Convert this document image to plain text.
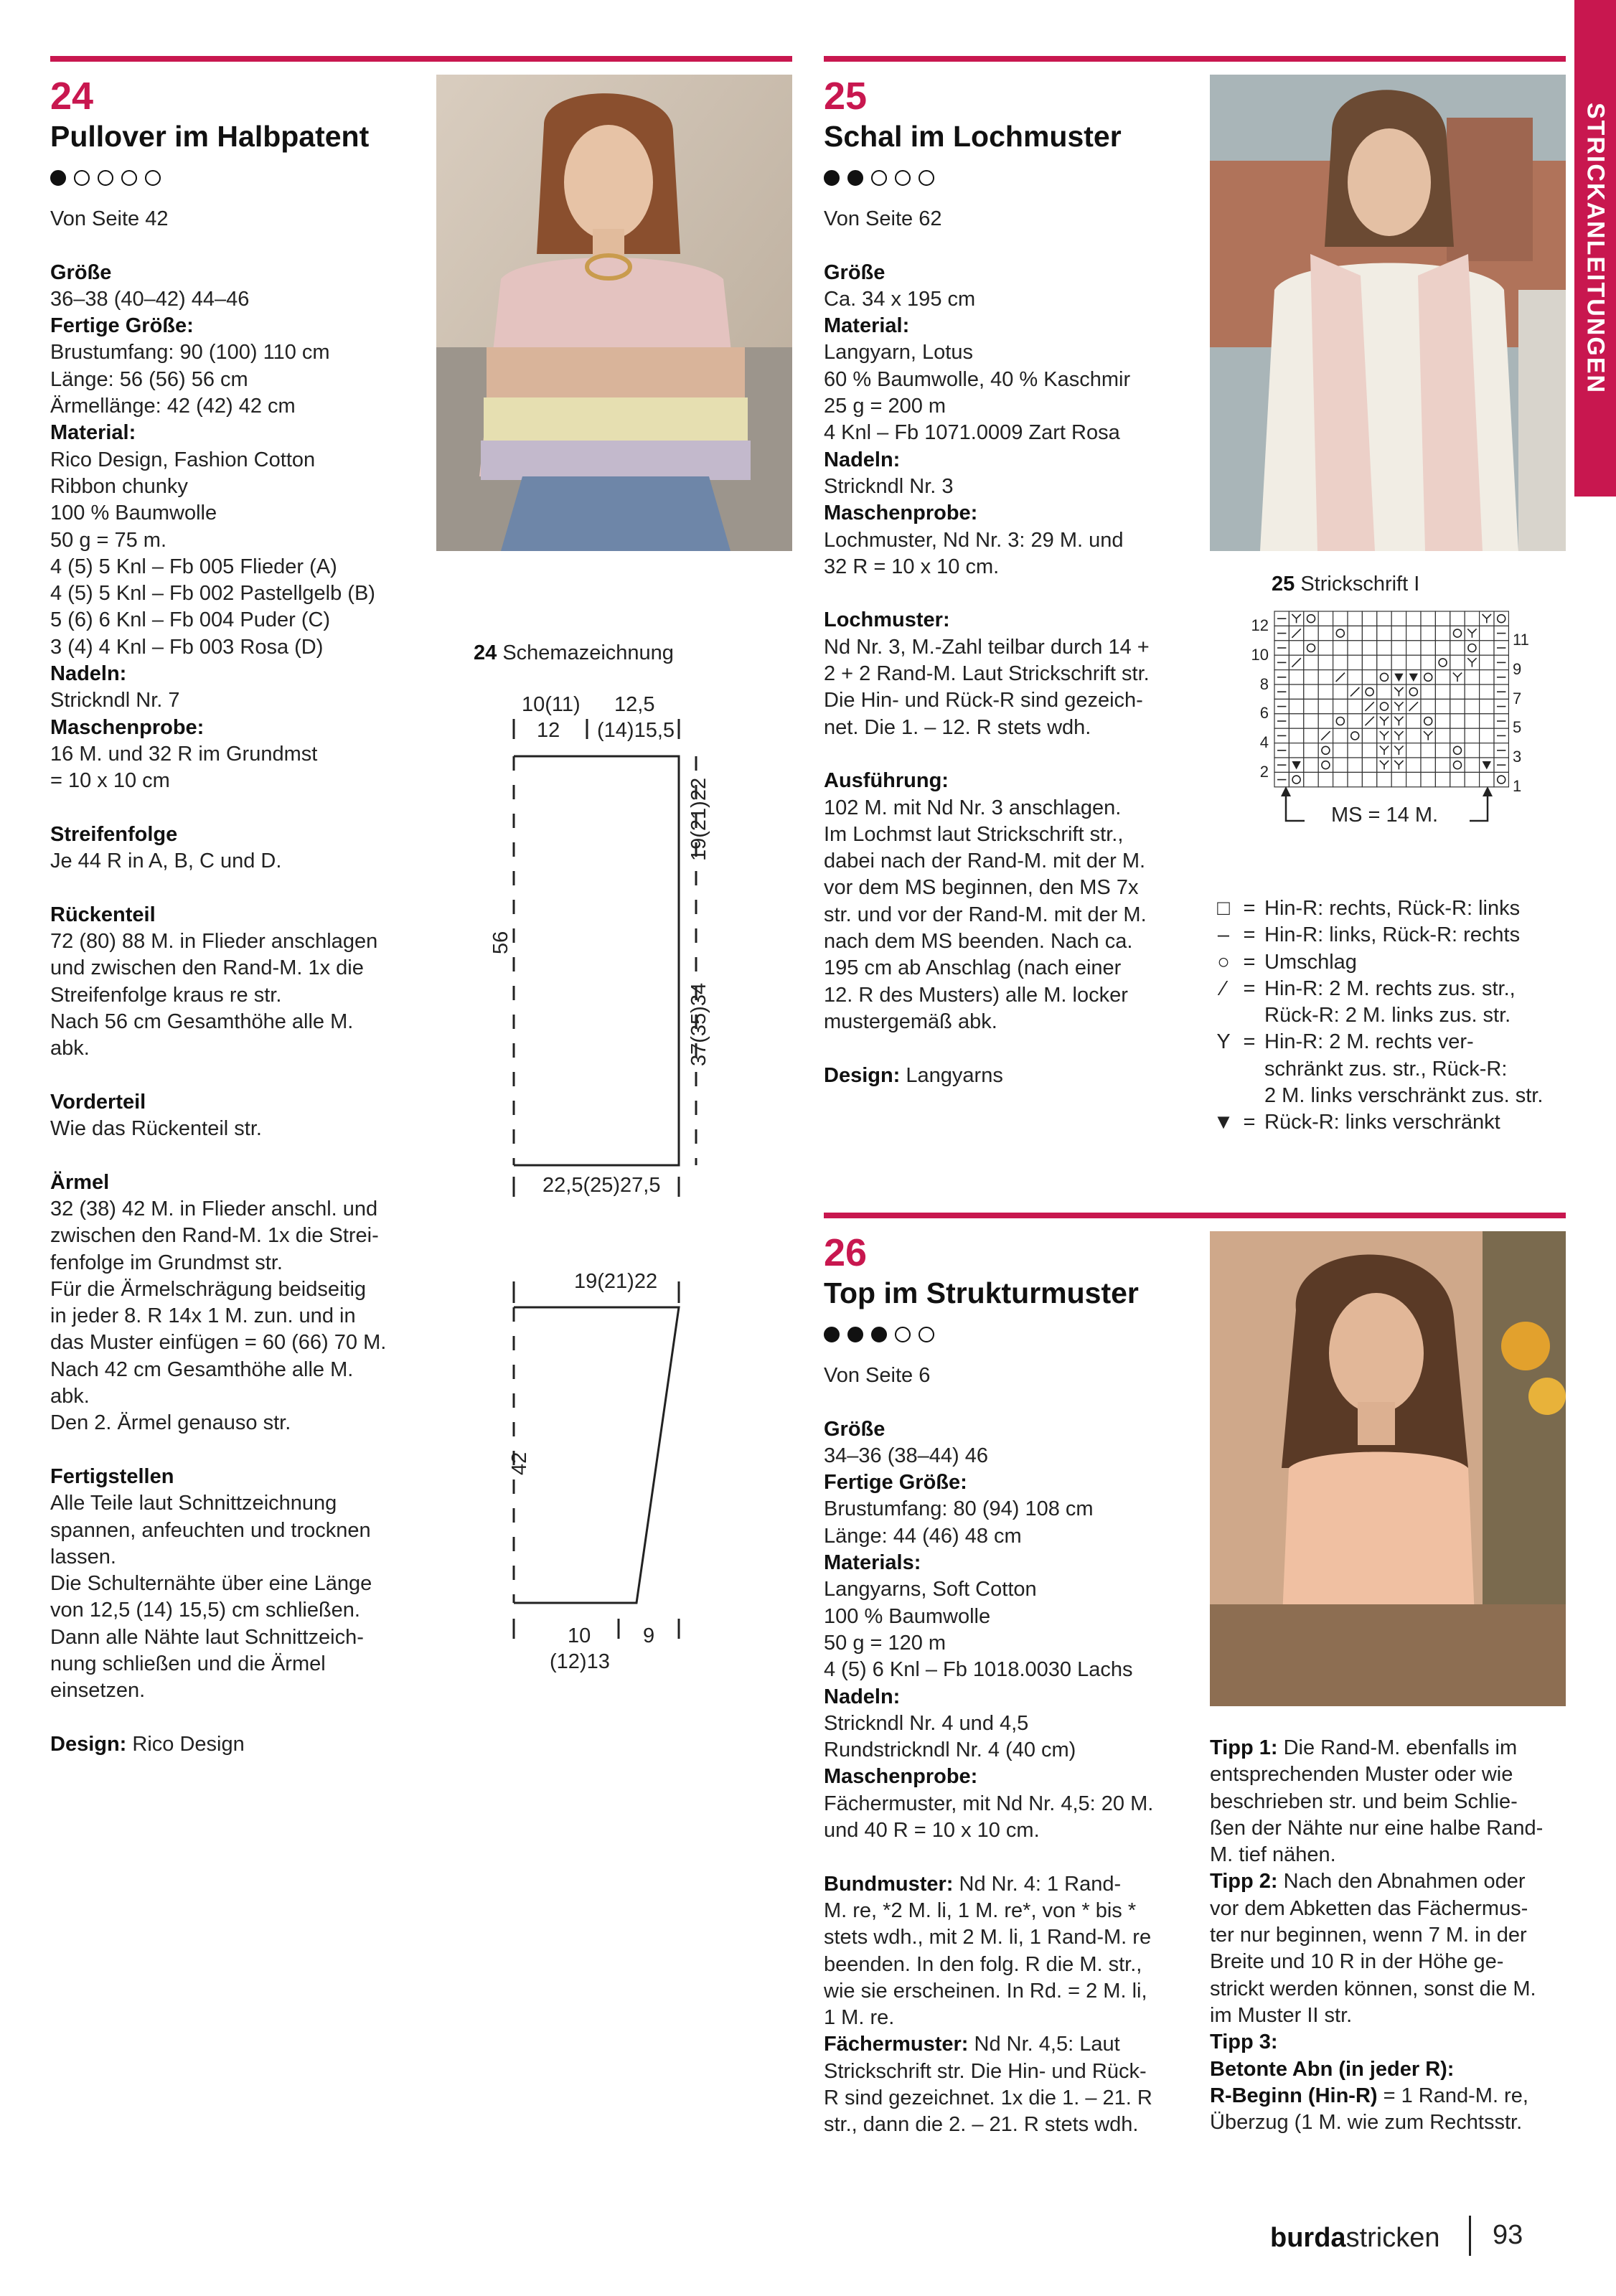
STRICKANLEITUNGEN
24
Pullover im Halbpatent

Von Seite 42

Größe

36–38 (40–42) 44–46

Fertige Größe:

Brustumfang: 90 (100) 110 cm

Länge: 56 (56) 56 cm

Ärmellänge: 42 (42) 42 cm

Material:

Rico Design, Fashion Cotton

Ribbon chunky

100 % Baumwolle

50 g = 75 m.

4 (5) 5 Knl – Fb 005 Flieder (A)

4 (5) 5 Knl – Fb 002 Pastellgelb (B)

5 (6) 6 Knl – Fb 004 Puder (C)

3 (4) 4 Knl – Fb 003 Rosa (D)

Nadeln:

Strickndl Nr. 7

Maschenprobe:

16 M. und 32 R im Grundmst

= 10 x 10 cm

Streifenfolge

Je 44 R in A, B, C und D.

Rückenteil

72 (80) 88 M. in Flieder anschlagen

und zwischen den Rand-M. 1x die

Streifenfolge kraus re str.

Nach 56 cm Gesamthöhe alle M.

abk.

Vorderteil

Wie das Rückenteil str.

Ärmel

32 (38) 42 M. in Flieder anschl. und

zwischen den Rand-M. 1x die Strei-

fenfolge im Grundmst str.

Für die Ärmelschrägung beidseitig

in jeder 8. R 14x 1 M. zun. und in

das Muster einfügen = 60 (66) 70 M.

Nach 42 cm Gesamthöhe alle M.

abk.

Den 2. Ärmel genauso str.

Fertigstellen

Alle Teile laut Schnittzeichnung

spannen, anfeuchten und trocknen

lassen.

Die Schulternähte über eine Länge

von 12,5 (14) 15,5) cm schließen.

Dann alle Nähte laut Schnittzeich-

nung schließen und die Ärmel

einsetzen.

Design: Rico Design

24 Schemazeichnung
10(11)
12
12,5
(14)15,5
56
19(21)22
37(35)34
22,5(25)27,5
19(21)22
42
10	9
(12)13
25
Schal im Lochmuster

Von Seite 62

Größe

Ca. 34 x 195 cm

Material:

Langyarn, Lotus

60 % Baumwolle, 40 % Kaschmir

25 g = 200 m

4 Knl – Fb 1071.0009 Zart Rosa

Nadeln:

Strickndl Nr. 3

Maschenprobe:

Lochmuster, Nd Nr. 3: 29 M. und

32 R = 10 x 10 cm.

Lochmuster:

Nd Nr. 3, M.-Zahl teilbar durch 14 +

2 + 2 Rand-M. Laut Strickschrift str.

Die Hin- und Rück-R sind gezeich-

net. Die 1. – 12. R stets wdh.

Ausführung:

102 M. mit Nd Nr. 3 anschlagen.

Im Lochmst laut Strickschrift str.,

dabei nach der Rand-M. mit der M.

vor dem MS beginnen, den MS 7x

str. und vor der Rand-M. mit der M.

nach dem MS beenden. Nach ca.

195 cm ab Anschlag (nach einer

12. R des Musters) alle M. locker

mustergemäß abk.

Design: Langyarns

25 Strickschrift I
12
10
8
6
4
2
11
9
7
5
3
1
MS = 14 M.
□ = Hin-R: rechts, Rück-R: links
– = Hin-R: links, Rück-R: rechts
○ = Umschlag
⁄ = Hin-R: 2 M. rechts zus. str.,
Rück-R: 2 M. links zus. str.
Y = Hin-R: 2 M. rechts ver-
schränkt zus. str., Rück-R:
2 M. links verschränkt zus. str.
▼ = Rück-R: links verschränkt
26
Top im Strukturmuster

Von Seite 6

Größe

34–36 (38–44) 46

Fertige Größe:

Brustumfang: 80 (94) 108 cm

Länge: 44 (46) 48 cm

Materials:

Langyarns, Soft Cotton

100 % Baumwolle

50 g = 120 m

4 (5) 6 Knl – Fb 1018.0030 Lachs

Nadeln:

Strickndl Nr. 4 und 4,5

Rundstrickndl Nr. 4 (40 cm)

Maschenprobe:

Fächermuster, mit Nd Nr. 4,5: 20 M.

und 40 R = 10 x 10 cm.

Bundmuster: Nd Nr. 4: 1 Rand-

M. re, *2 M. li, 1 M. re*, von * bis *

stets wdh., mit 2 M. li, 1 Rand-M. re

beenden. In den folg. R die M. str.,

wie sie erscheinen. In Rd. = 2 M. li,

1 M. re.

Fächermuster: Nd Nr. 4,5: Laut

Strickschrift str. Die Hin- und Rück-

R sind gezeichnet. 1x die 1. – 21. R

str., dann die 2. – 21. R stets wdh.

Tipp 1: Die Rand-M. ebenfalls im

entsprechenden Muster oder wie

beschrieben str. und beim Schlie-

ßen der Nähte nur eine halbe Rand-

M. tief nähen.

Tipp 2: Nach den Abnahmen oder

vor dem Abketten das Fächermus-

ter nur beginnen, wenn 7 M. in der

Breite und 10 R in der Höhe ge-

strickt werden können, sonst die M.

im Muster II str.

Tipp 3:

Betonte Abn (in jeder R):

R-Beginn (Hin-R) = 1 Rand-M. re,

Überzug (1 M. wie zum Rechtsstr.

burdastricken 93
